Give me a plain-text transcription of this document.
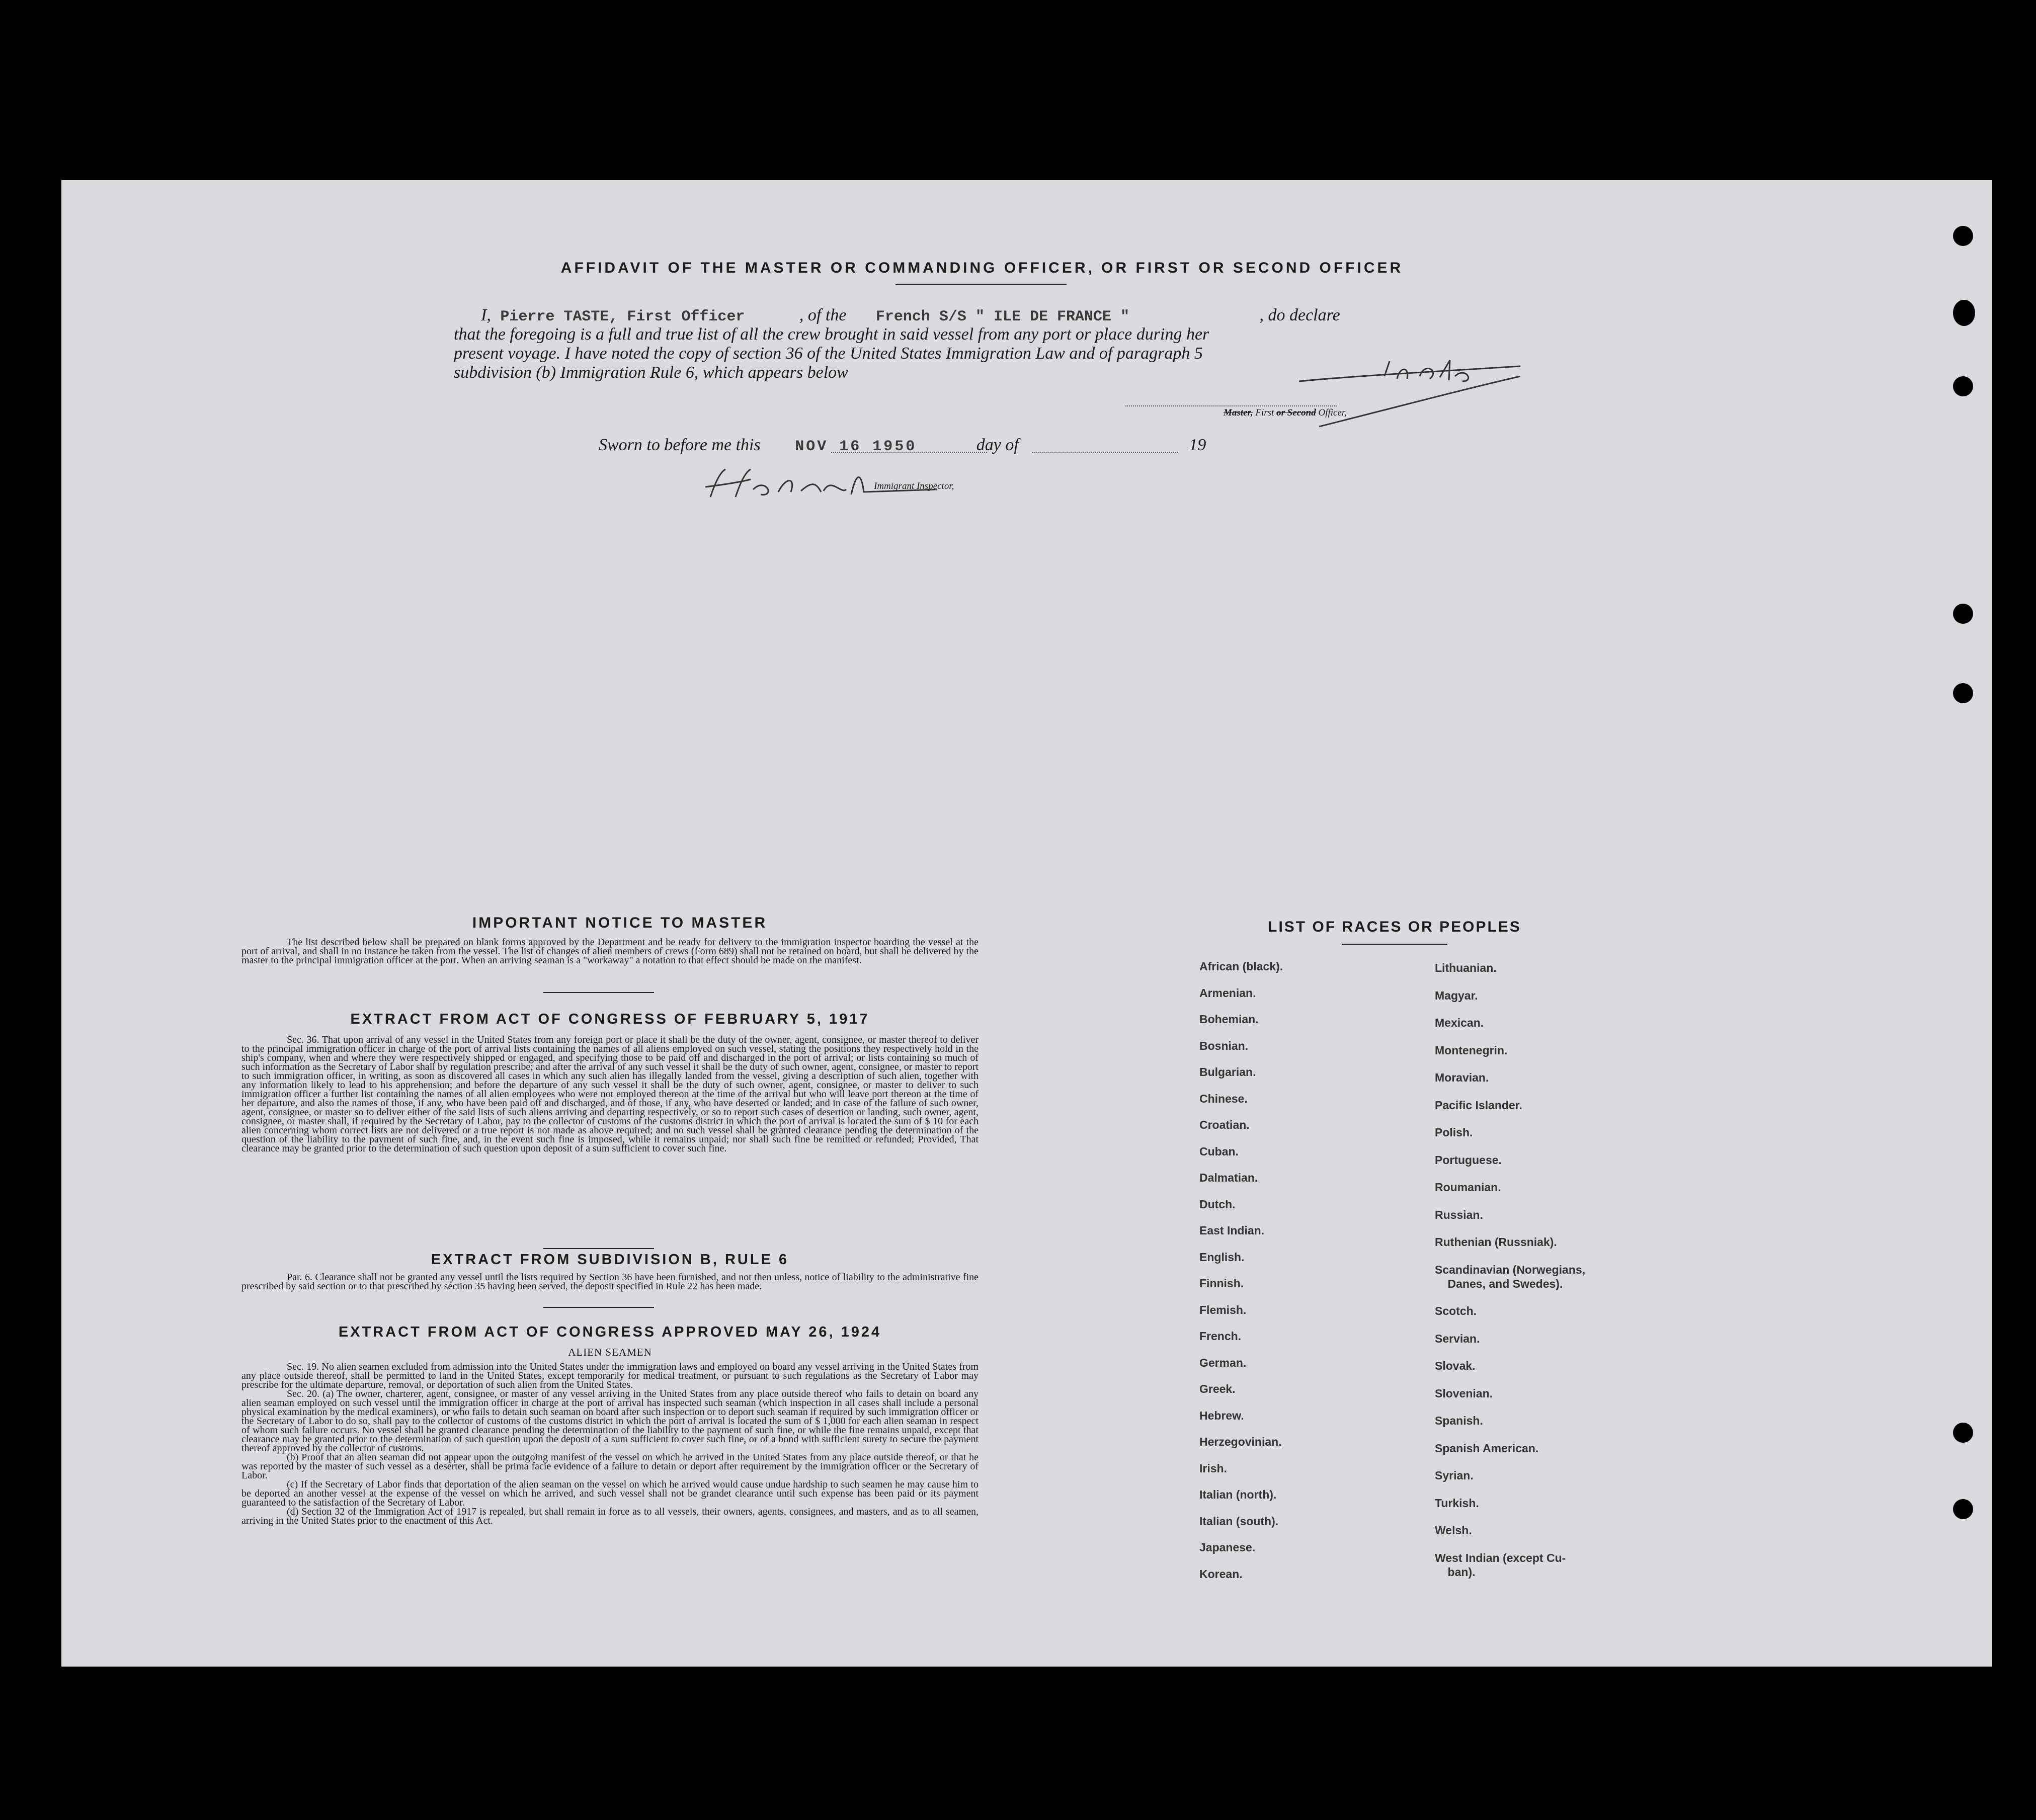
AFFIDAVIT OF THE MASTER OR COMMANDING OFFICER, OR FIRST OR SECOND OFFICER
I, Pierre TASTE, First Officer	, of the French S/S " ILE DE FRANCE "	, do declare
that the foregoing is a full and true list of all the crew brought in said vessel from any port or place during her
present voyage. I have noted the copy of section 36 of the United States Immigration Law and of paragraph 5
subdivision (b) Immigration Rule 6, which appears below
Master, First or Second Officer,
Sworn to before me this NOV 16 1950	day of	19
Immigrant Inspector,
IMPORTANT NOTICE TO MASTER

The list described below shall be prepared on blank forms approved by the Department and be ready for delivery to the immigration inspector boarding the vessel at the port of arrival, and shall in no instance be taken from the vessel. The list of changes of alien members of crews (Form 689) shall not be retained on board, but shall be delivered by the master to the principal immigration officer at the port. When an arriving seaman is a "workaway" a notation to that effect should be made on the manifest.

EXTRACT FROM ACT OF CONGRESS OF FEBRUARY 5, 1917

Sec. 36. That upon arrival of any vessel in the United States from any foreign port or place it shall be the duty of the owner, agent, consignee, or master thereof to deliver to the principal immigration officer in charge of the port of arrival lists containing the names of all aliens employed on such vessel, stating the positions they respectively hold in the ship's company, when and where they were respectively shipped or engaged, and specifying those to be paid off and discharged in the port of arrival; or lists containing so much of such information as the Secretary of Labor shall by regulation prescribe; and after the arrival of any such vessel it shall be the duty of such owner, agent, consignee, or master to report to such immigration officer, in writing, as soon as discovered all cases in which any such alien has illegally landed from the vessel, giving a description of such alien, together with any information likely to lead to his apprehension; and before the departure of any such vessel it shall be the duty of such owner, agent, consignee, or master to deliver to such immigration officer a further list containing the names of all alien employees who were not employed thereon at the time of the arrival but who will leave port thereon at the time of her departure, and also the names of those, if any, who have been paid off and discharged, and of those, if any, who have deserted or landed; and in case of the failure of such owner, agent, consignee, or master so to deliver either of the said lists of such aliens arriving and departing respectively, or so to report such cases of desertion or landing, such owner, agent, consignee, or master shall, if required by the Secretary of Labor, pay to the collector of customs of the customs district in which the port of arrival is located the sum of $ 10 for each alien concerning whom correct lists are not delivered or a true report is not made as above required; and no such vessel shall be granted clearance pending the determination of the question of the liability to the payment of such fine, and, in the event such fine is imposed, while it remains unpaid; nor shall such fine be remitted or refunded; Provided, That clearance may be granted prior to the determination of such question upon deposit of a sum sufficient to cover such fine.

EXTRACT FROM SUBDIVISION B, RULE 6

Par. 6. Clearance shall not be granted any vessel until the lists required by Section 36 have been furnished, and not then unless, notice of liability to the administrative fine prescribed by said section or to that prescribed by section 35 having been served, the deposit specified in Rule 22 has been made.

EXTRACT FROM ACT OF CONGRESS APPROVED MAY 26, 1924
ALIEN SEAMEN

Sec. 19. No alien seamen excluded from admission into the United States under the immigration laws and employed on board any vessel arriving in the United States from any place outside thereof, shall be permitted to land in the United States, except temporarily for medical treatment, or pursuant to such regulations as the Secretary of Labor may prescribe for the ultimate departure, removal, or deportation of such alien from the United States.

Sec. 20. (a) The owner, charterer, agent, consignee, or master of any vessel arriving in the United States from any place outside thereof who fails to detain on board any alien seaman employed on such vessel until the immigration officer in charge at the port of arrival has inspected such seaman (which inspection in all cases shall include a personal physical examination by the medical examiners), or who fails to detain such seaman on board after such inspection or to deport such seaman if required by such immigration officer or the Secretary of Labor to do so, shall pay to the collector of customs of the customs district in which the port of arrival is located the sum of $ 1,000 for each alien seaman in respect of whom such failure occurs. No vessel shall be granted clearance pending the determination of the liability to the payment of such fine, or while the fine remains unpaid, except that clearance may be granted prior to the determination of such question upon the deposit of a sum sufficient to cover such fine, or of a bond with sufficient surety to secure the payment thereof approved by the collector of customs.

(b) Proof that an alien seaman did not appear upon the outgoing manifest of the vessel on which he arrived in the United States from any place outside thereof, or that he was reported by the master of such vessel as a deserter, shall be prima facie evidence of a failure to detain or deport after requirement by the immigration officer or the Secretary of Labor.

(c) If the Secretary of Labor finds that deportation of the alien seaman on the vessel on which he arrived would cause undue hardship to such seamen he may cause him to be deported an another vessel at the expense of the vessel on which he arrived, and such vessel shall not be grandet clearance until such expense has been paid or its payment guaranteed to the satisfaction of the Secretary of Labor.

(d) Section 32 of the Immigration Act of 1917 is repealed, but shall remain in force as to all vessels, their owners, agents, consignees, and masters, and as to all seamen, arriving in the United States prior to the enactment of this Act.

LIST OF RACES OR PEOPLES
African (black).
Armenian.
Bohemian.
Bosnian.
Bulgarian.
Chinese.
Croatian.
Cuban.
Dalmatian.
Dutch.
East Indian.
English.
Finnish.
Flemish.
French.
German.
Greek.
Hebrew.
Herzegovinian.
Irish.
Italian (north).
Italian (south).
Japanese.
Korean.
Lithuanian.
Magyar.
Mexican.
Montenegrin.
Moravian.
Pacific Islander.
Polish.
Portuguese.
Roumanian.
Russian.
Ruthenian (Russniak).
Scandinavian (Norwegians,
Danes, and Swedes).
Scotch.
Servian.
Slovak.
Slovenian.
Spanish.
Spanish American.
Syrian.
Turkish.
Welsh.
West Indian (except Cu-
ban).
